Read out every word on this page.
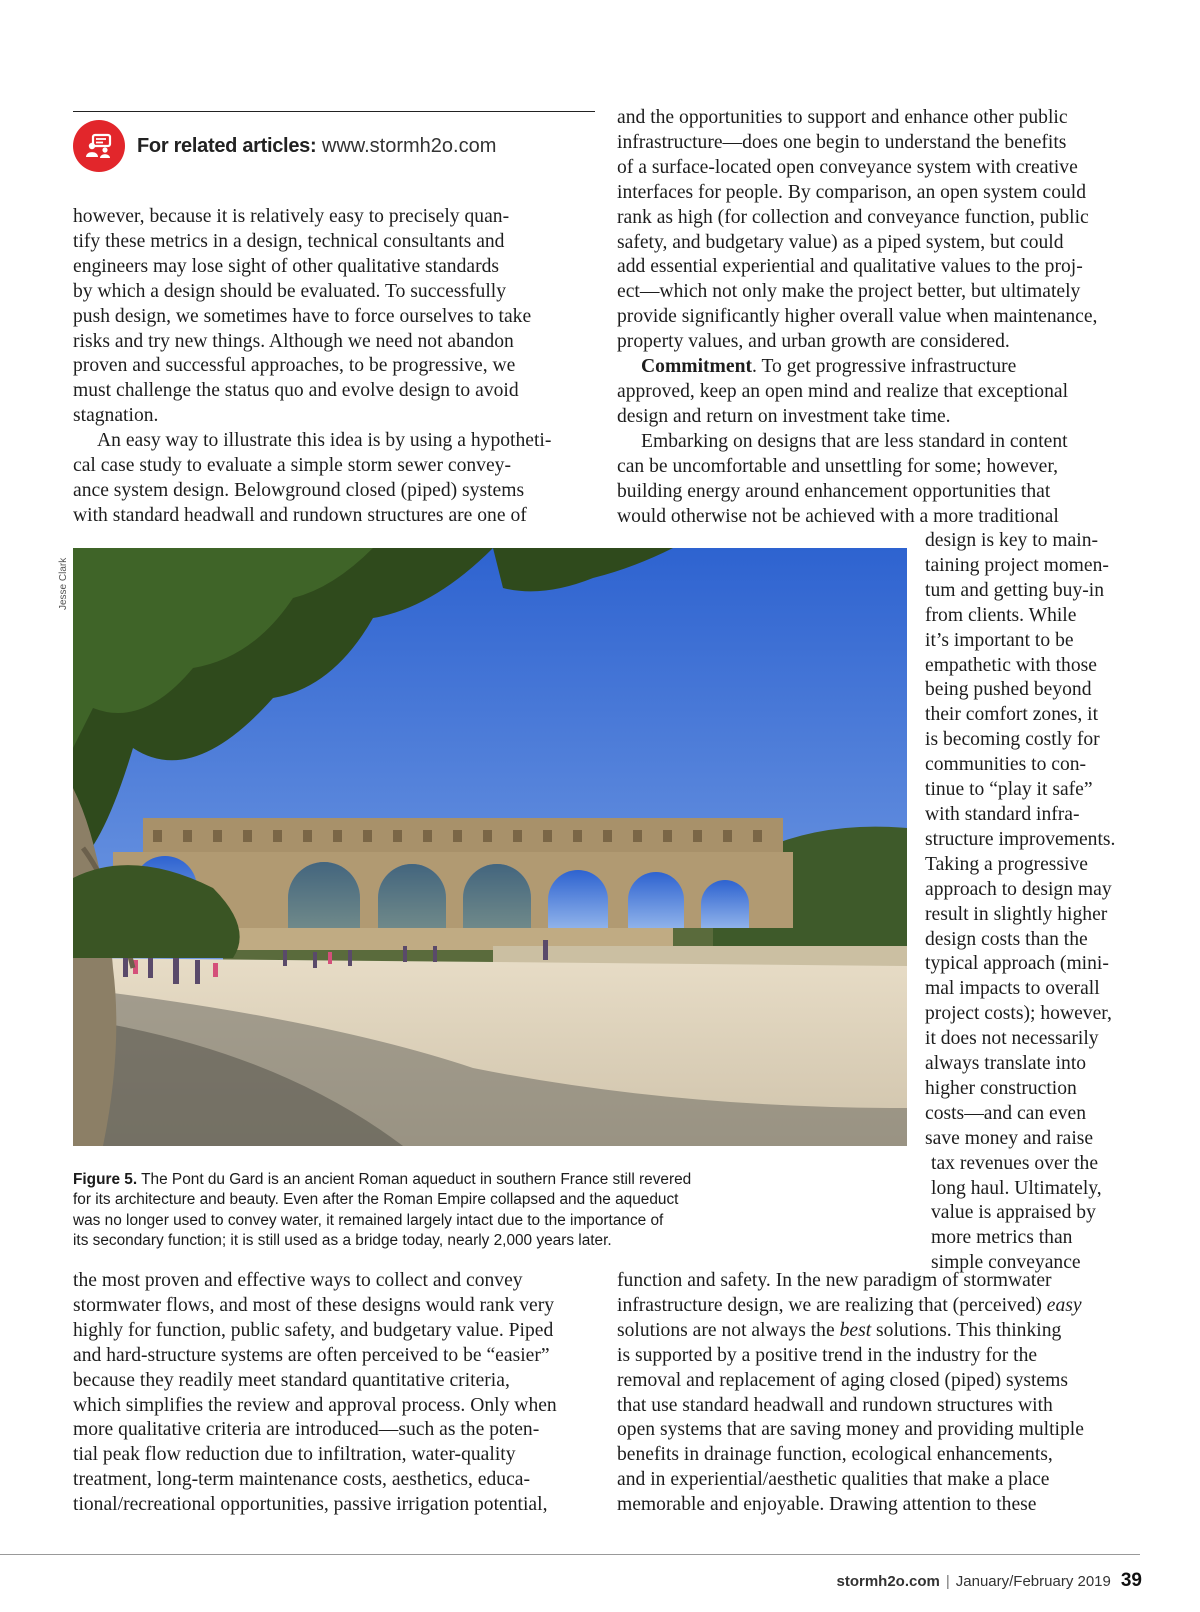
For related articles: www.stormh2o.com
however, because it is relatively easy to precisely quan-
tify these metrics in a design, technical consultants and
engineers may lose sight of other qualitative standards
by which a design should be evaluated. To successfully
push design, we sometimes have to force ourselves to take
risks and try new things. Although we need not abandon
proven and successful approaches, to be progressive, we
must challenge the status quo and evolve design to avoid
stagnation.
An easy way to illustrate this idea is by using a hypotheti-
cal case study to evaluate a simple storm sewer convey-
ance system design. Belowground closed (piped) systems
with standard headwall and rundown structures are one of
and the opportunities to support and enhance other public
infrastructure—does one begin to understand the benefits
of a surface-located open conveyance system with creative
interfaces for people. By comparison, an open system could
rank as high (for collection and conveyance function, public
safety, and budgetary value) as a piped system, but could
add essential experiential and qualitative values to the proj-
ect—which not only make the project better, but ultimately
provide significantly higher overall value when maintenance,
property values, and urban growth are considered.
Commitment. To get progressive infrastructure
approved, keep an open mind and realize that exceptional
design and return on investment take time.
Embarking on designs that are less standard in content
can be uncomfortable and unsettling for some; however,
building energy around enhancement opportunities that
would otherwise not be achieved with a more traditional
design is key to main-
taining project momen-
tum and getting buy-in
from clients. While
it’s important to be
empathetic with those
being pushed beyond
their comfort zones, it
is becoming costly for
communities to con-
tinue to “play it safe”
with standard infra-
structure improvements.
Taking a progressive
approach to design may
result in slightly higher
design costs than the
typical approach (mini-
mal impacts to overall
project costs); however,
it does not necessarily
always translate into
higher construction
costs—and can even
save money and raise
tax revenues over the
long haul. Ultimately,
value is appraised by
more metrics than
simple conveyance
Jesse Clark
Figure 5. The Pont du Gard is an ancient Roman aqueduct in southern France still revered
for its architecture and beauty. Even after the Roman Empire collapsed and the aqueduct
was no longer used to convey water, it remained largely intact due to the importance of
its secondary function; it is still used as a bridge today, nearly 2,000 years later.
the most proven and effective ways to collect and convey
stormwater flows, and most of these designs would rank very
highly for function, public safety, and budgetary value. Piped
and hard-structure systems are often perceived to be “easier”
because they readily meet standard quantitative criteria,
which simplifies the review and approval process. Only when
more qualitative criteria are introduced—such as the poten-
tial peak flow reduction due to infiltration, water-quality
treatment, long-term maintenance costs, aesthetics, educa-
tional/recreational opportunities, passive irrigation potential,
function and safety. In the new paradigm of stormwater
infrastructure design, we are realizing that (perceived) easy
solutions are not always the best solutions. This thinking
is supported by a positive trend in the industry for the
removal and replacement of aging closed (piped) systems
that use standard headwall and rundown structures with
open systems that are saving money and providing multiple
benefits in drainage function, ecological enhancements,
and in experiential/aesthetic qualities that make a place
memorable and enjoyable. Drawing attention to these
stormh2o.com | January/February 2019 39
